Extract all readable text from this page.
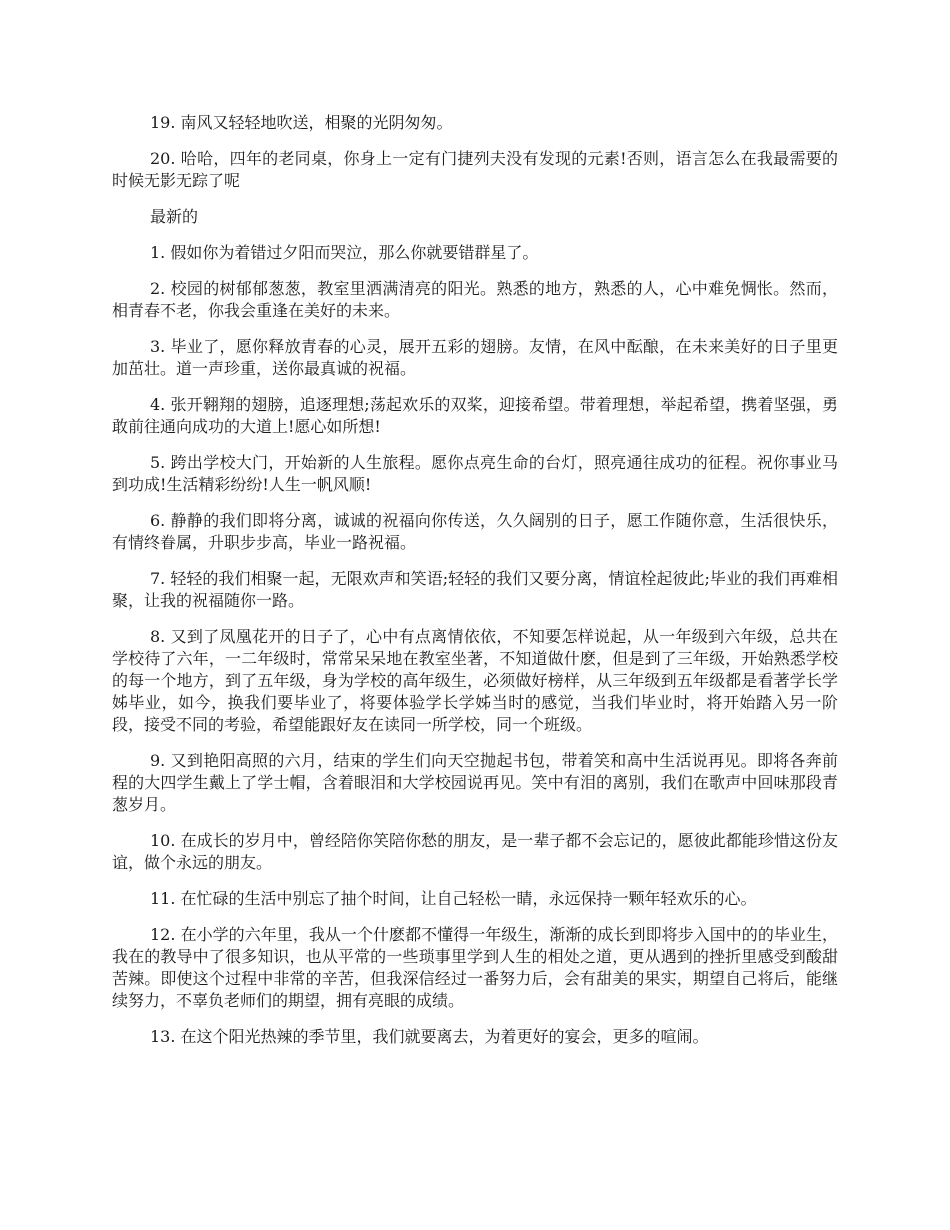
19. 南风又轻轻地吹送，相聚的光阴匆匆。

20. 哈哈，四年的老同桌，你身上一定有门捷列夫没有发现的元素!否则，语言怎么在我最需要的时候无影无踪了呢

最新的

1. 假如你为着错过夕阳而哭泣，那么你就要错群星了。

2. 校园的树郁郁葱葱，教室里洒满清亮的阳光。熟悉的地方，熟悉的人，心中难免惆怅。然而，相青春不老，你我会重逢在美好的未来。

3. 毕业了，愿你释放青春的心灵，展开五彩的翅膀。友情，在风中酝酿，在未来美好的日子里更加茁壮。道一声珍重，送你最真诚的祝福。

4. 张开翱翔的翅膀，追逐理想;荡起欢乐的双桨，迎接希望。带着理想，举起希望，携着坚强，勇敢前往通向成功的大道上!愿心如所想!

5. 跨出学校大门，开始新的人生旅程。愿你点亮生命的台灯，照亮通往成功的征程。祝你事业马到功成!生活精彩纷纷!人生一帆风顺!

6. 静静的我们即将分离，诚诚的祝福向你传送，久久阔别的日子，愿工作随你意，生活很快乐，有情终眷属，升职步步高，毕业一路祝福。

7. 轻轻的我们相聚一起，无限欢声和笑语;轻轻的我们又要分离，情谊栓起彼此;毕业的我们再难相聚，让我的祝福随你一路。

8. 又到了凤凰花开的日子了，心中有点离情依依，不知要怎样说起，从一年级到六年级，总共在学校待了六年，一二年级时，常常呆呆地在教室坐著，不知道做什麽，但是到了三年级，开始熟悉学校的每一个地方，到了五年级，身为学校的高年级生，必须做好榜样，从三年级到五年级都是看著学长学姊毕业，如今，换我们要毕业了，将要体验学长学姊当时的感觉，当我们毕业时，将开始踏入另一阶段，接受不同的考验，希望能跟好友在读同一所学校，同一个班级。

9. 又到艳阳高照的六月，结束的学生们向天空抛起书包，带着笑和高中生活说再见。即将各奔前程的大四学生戴上了学士帽，含着眼泪和大学校园说再见。笑中有泪的离别，我们在歌声中回味那段青葱岁月。

10. 在成长的岁月中，曾经陪你笑陪你愁的朋友，是一辈子都不会忘记的，愿彼此都能珍惜这份友谊，做个永远的朋友。

11. 在忙碌的生活中别忘了抽个时间，让自己轻松一睛，永远保持一颗年轻欢乐的心。

12. 在小学的六年里，我从一个什麽都不懂得一年级生，渐渐的成长到即将步入国中的的毕业生，我在的教导中了很多知识，也从平常的一些琐事里学到人生的相处之道，更从遇到的挫折里感受到酸甜苦辣。即使这个过程中非常的辛苦，但我深信经过一番努力后，会有甜美的果实，期望自己将后，能继续努力，不辜负老师们的期望，拥有亮眼的成绩。

13. 在这个阳光热辣的季节里，我们就要离去，为着更好的宴会，更多的喧闹。
